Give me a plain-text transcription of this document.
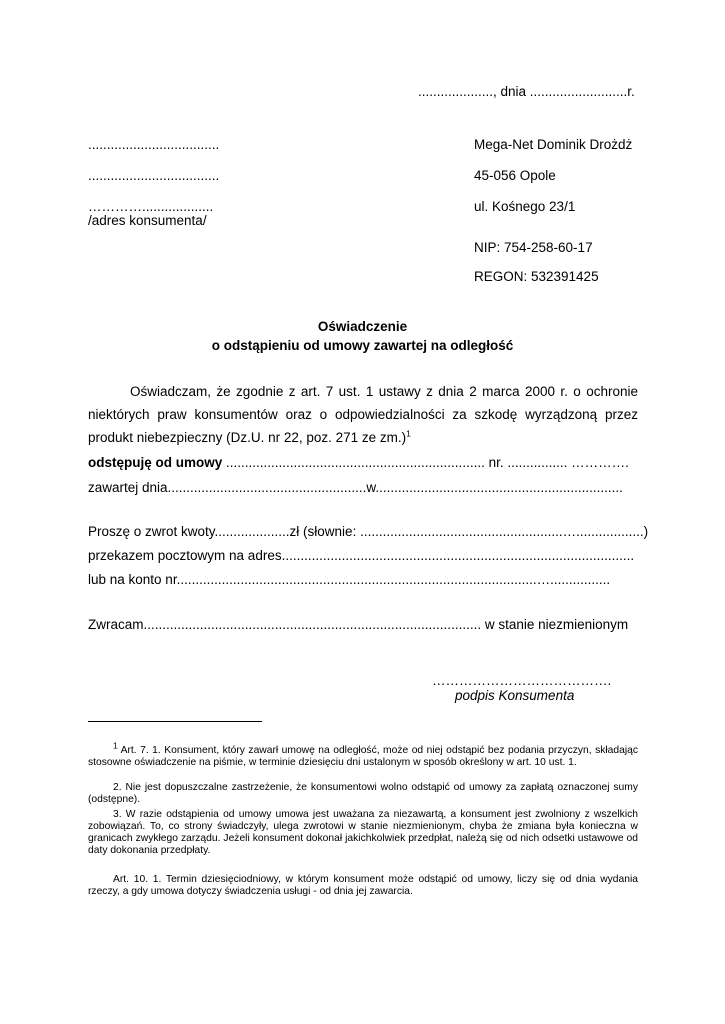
...................., dnia ..........................r.
...................................
...................................
…………...................
/adres konsumenta/
Mega-Net Dominik Drożdż
45-056 Opole
ul. Kośnego 23/1
NIP: 754-258-60-17
REGON: 532391425
Oświadczenie
o odstąpieniu od umowy zawartej na odległość
Oświadczam, że zgodnie z art. 7 ust. 1 ustawy z dnia 2 marca 2000 r. o ochronie
niektórych praw konsumentów oraz o odpowiedzialności za szkodę wyrządzoną przez
produkt niebezpieczny (Dz.U. nr 22, poz. 271 ze zm.)$^1$
odstępuję od umowy ..................................................................... nr. ................ ………….
zawartej dnia.....................................................w..................................................................
Proszę o zwrot kwoty....................zł (słownie: ......................................................…..................)
przekazem pocztowym na adres..............................................................................................
lub na konto nr................................................................................................…................
Zwracam.......................................................................................... w stanie niezmienionym
………………………………….
podpis Konsumenta
$^1$ Art. 7. 1. Konsument, który zawarł umowę na odległość, może od niej odstąpić bez podania przyczyn, składając stosowne oświadczenie na piśmie, w terminie dziesięciu dni ustalonym w sposób określony w art. 10 ust. 1.
2. Nie jest dopuszczalne zastrzeżenie, że konsumentowi wolno odstąpić od umowy za zapłatą oznaczonej sumy (odstępne).
3. W razie odstąpienia od umowy umowa jest uważana za niezawartą, a konsument jest zwolniony z wszelkich zobowiązań. To, co strony świadczyły, ulega zwrotowi w stanie niezmienionym, chyba że zmiana była konieczna w granicach zwykłego zarządu. Jeżeli konsument dokonał jakichkolwiek przedpłat, należą się od nich odsetki ustawowe od daty dokonania przedpłaty.
Art. 10. 1. Termin dziesięciodniowy, w którym konsument może odstąpić od umowy, liczy się od dnia wydania rzeczy, a gdy umowa dotyczy świadczenia usługi - od dnia jej zawarcia.
